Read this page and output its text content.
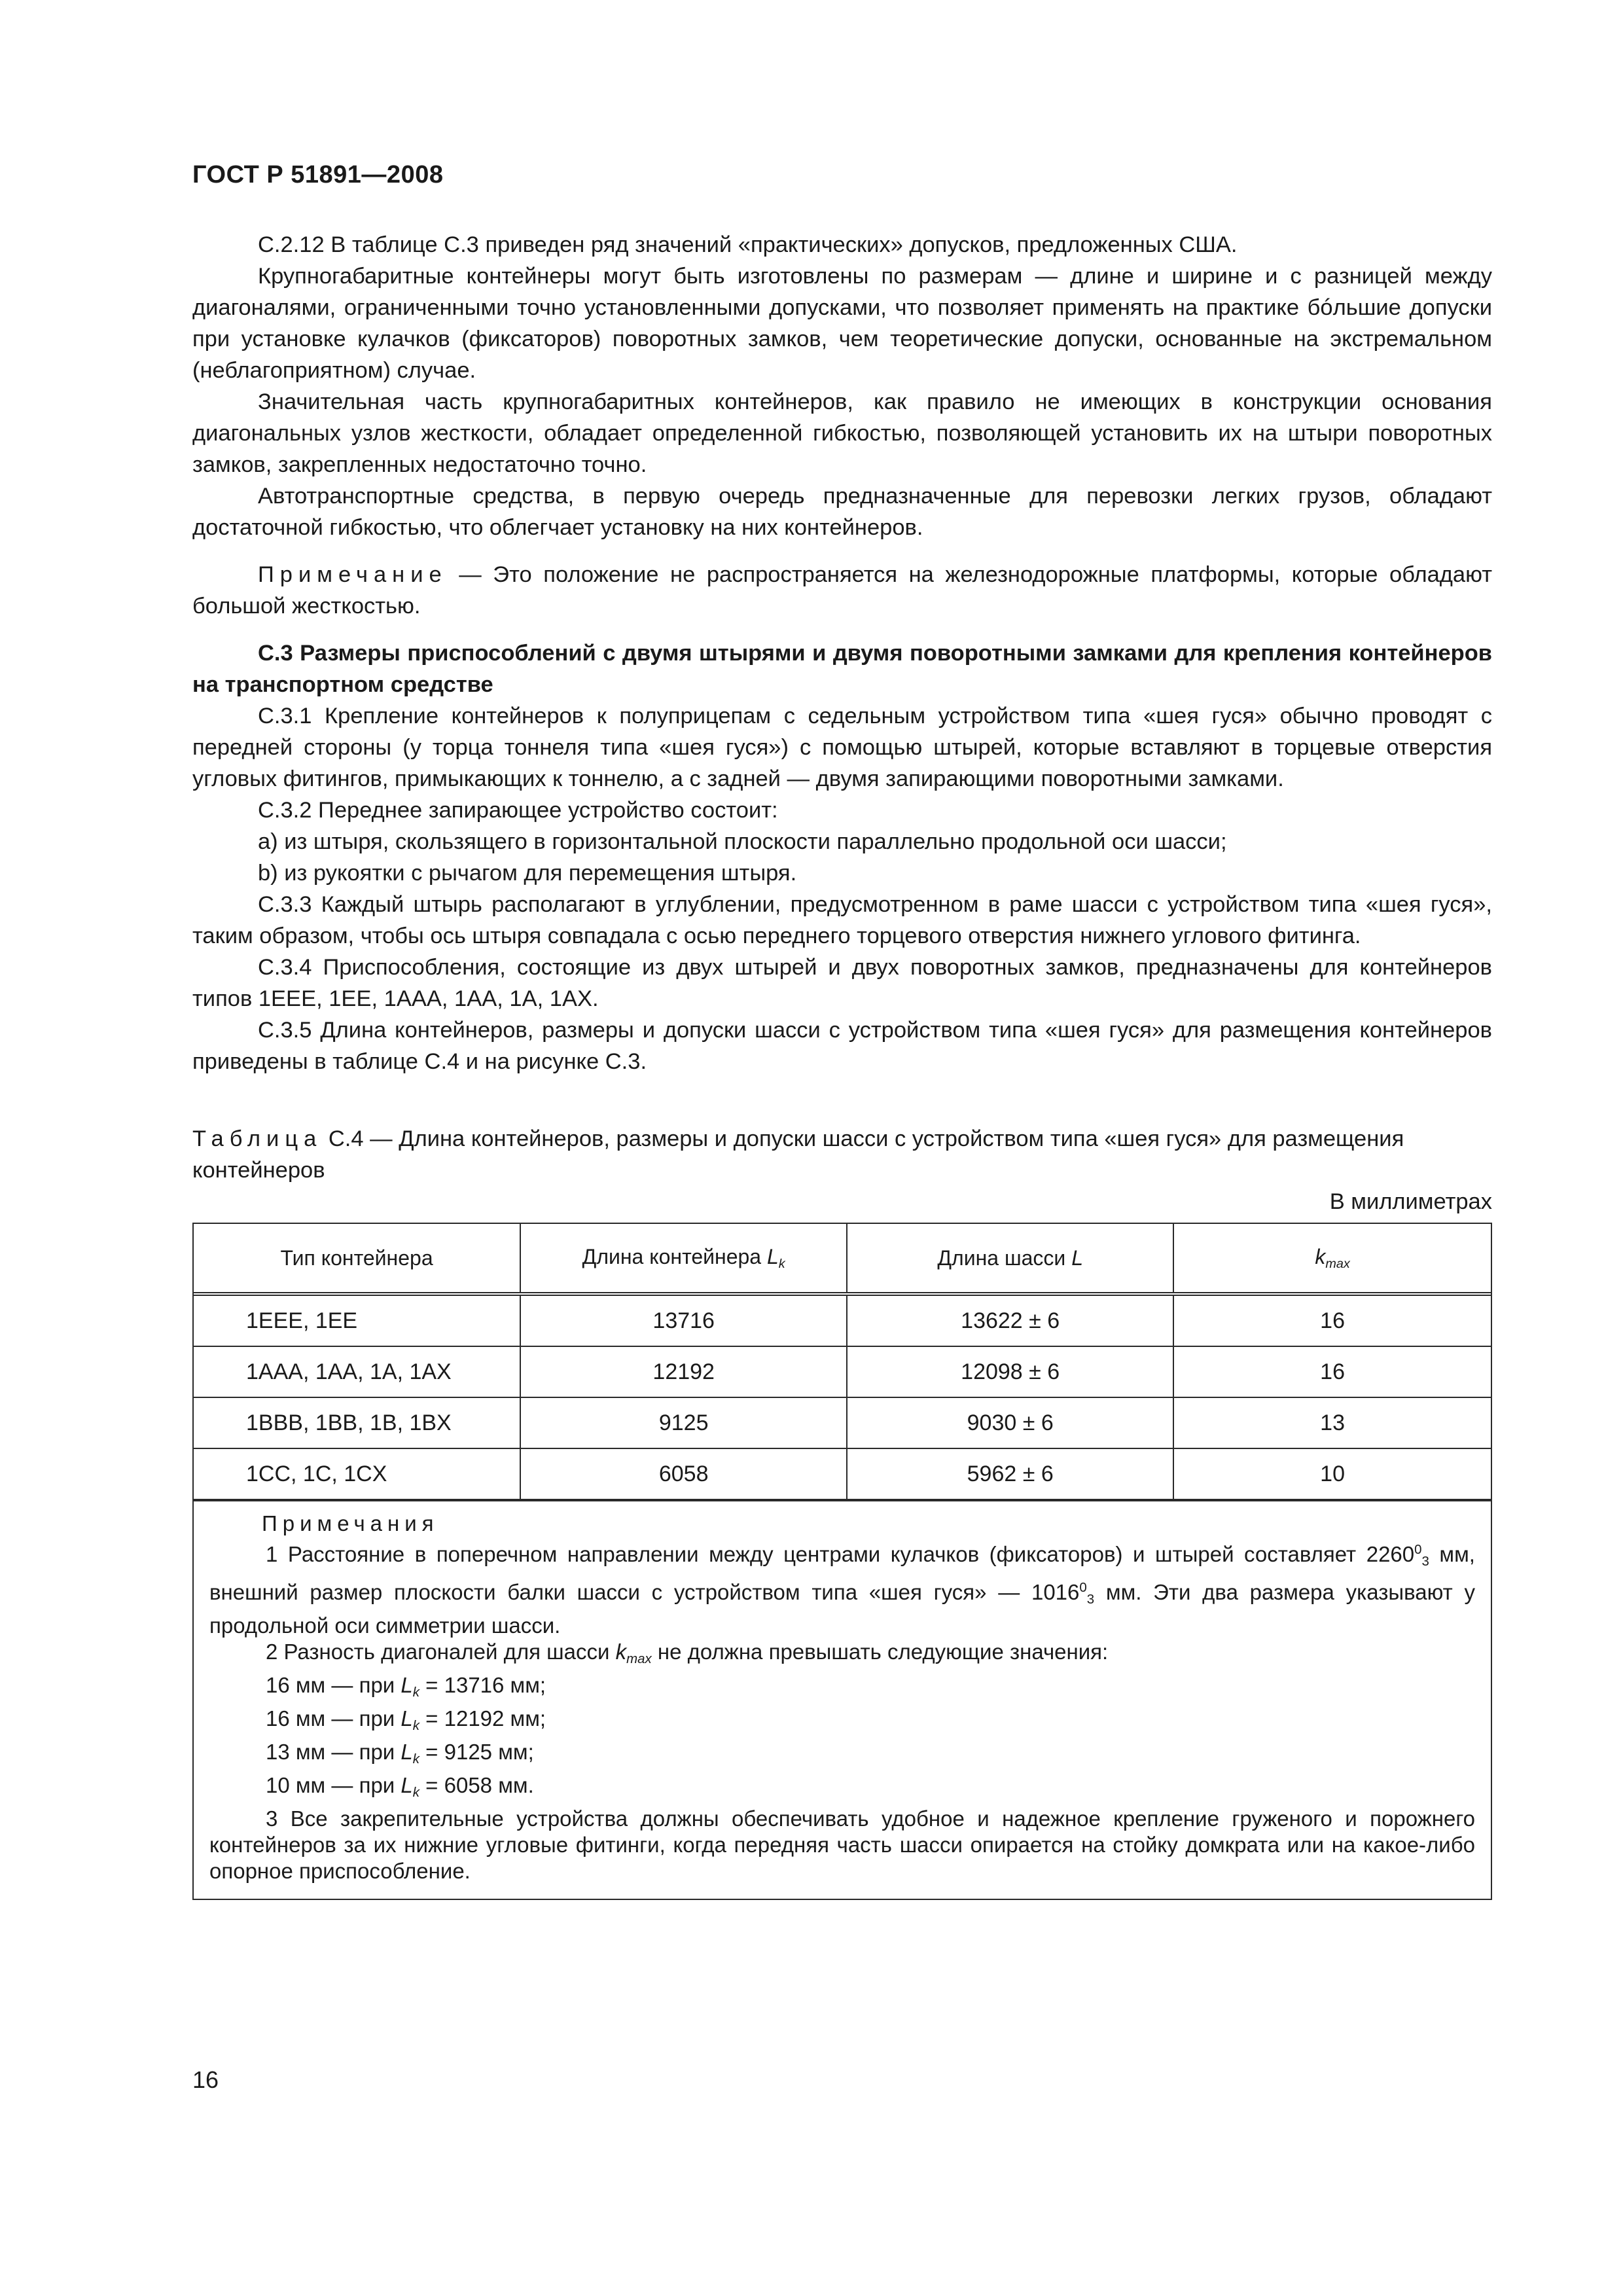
ГОСТ Р 51891—2008

С.2.12 В таблице С.3 приведен ряд значений «практических» допусков, предложенных США.

Крупногабаритные контейнеры могут быть изготовлены по размерам — длине и ширине и с разницей между диагоналями, ограниченными точно установленными допусками, что позволяет применять на практике бóльшие допуски при установке кулачков (фиксаторов) поворотных замков, чем теоретические допуски, основанные на экстремальном (неблагоприятном) случае.

Значительная часть крупногабаритных контейнеров, как правило не имеющих в конструкции основания диагональных узлов жесткости, обладает определенной гибкостью, позволяющей установить их на штыри поворотных замков, закрепленных недостаточно точно.

Автотранспортные средства, в первую очередь предназначенные для перевозки легких грузов, обладают достаточной гибкостью, что облегчает установку на них контейнеров.

Примечание — Это положение не распространяется на железнодорожные платформы, которые обладают большой жесткостью.

С.3 Размеры приспособлений с двумя штырями и двумя поворотными замками для крепления контейнеров на транспортном средстве

С.3.1 Крепление контейнеров к полуприцепам с седельным устройством типа «шея гуся» обычно проводят с передней стороны (у торца тоннеля типа «шея гуся») с помощью штырей, которые вставляют в торцевые отверстия угловых фитингов, примыкающих к тоннелю, а с задней — двумя запирающими поворотными замками.

С.3.2 Переднее запирающее устройство состоит:

a) из штыря, скользящего в горизонтальной плоскости параллельно продольной оси шасси;

b) из рукоятки с рычагом для перемещения штыря.

С.3.3 Каждый штырь располагают в углублении, предусмотренном в раме шасси с устройством типа «шея гуся», таким образом, чтобы ось штыря совпадала с осью переднего торцевого отверстия нижнего углового фитинга.

С.3.4 Приспособления, состоящие из двух штырей и двух поворотных замков, предназначены для контейнеров типов 1EEE, 1EE, 1AAA, 1AA, 1A, 1AX.

С.3.5 Длина контейнеров, размеры и допуски шасси с устройством типа «шея гуся» для размещения контейнеров приведены в таблице С.4 и на рисунке С.3.

Таблица С.4 — Длина контейнеров, размеры и допуски шасси с устройством типа «шея гуся» для размещения контейнеров
В миллиметрах
Тип контейнера	Длина контейнера $L_k$	Длина шасси L	$k_{max}$
1EEE, 1EE	13716	13622 ± 6	16
1AAA, 1AA, 1A, 1AX	12192	12098 ± 6	16
1BBB, 1BB, 1B, 1BX	9125	9030 ± 6	13
1CC, 1C, 1CX	6058	5962 ± 6	10

Примечания

1 Расстояние в поперечном направлении между центрами кулачков (фиксаторов) и штырей составляет $2260^0_3$ мм, внешний размер плоскости балки шасси с устройством типа «шея гуся» — $1016^0_3$ мм. Эти два размера указывают у продольной оси симметрии шасси.

2 Разность диагоналей для шасси $k_{max}$ не должна превышать следующие значения:

16 мм — при $L_k = 13716$ мм;

16 мм — при $L_k = 12192$ мм;

13 мм — при $L_k = 9125$ мм;

10 мм — при $L_k = 6058$ мм.

3 Все закрепительные устройства должны обеспечивать удобное и надежное крепление груженого и порожнего контейнеров за их нижние угловые фитинги, когда передняя часть шасси опирается на стойку домкрата или на какое-либо опорное приспособление.

16
